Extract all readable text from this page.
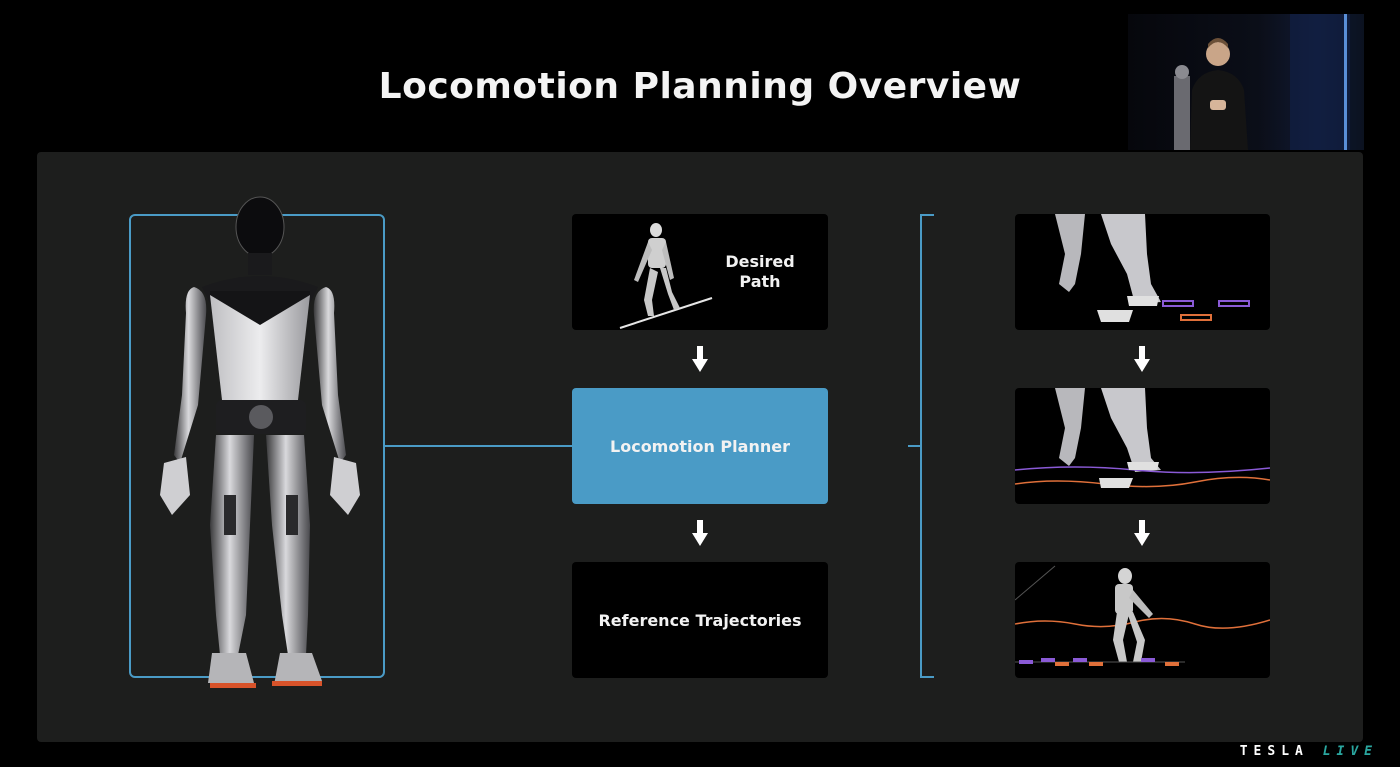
Locomotion Planning Overview
Desired Path
Locomotion Planner
Reference Trajectories
TESLA LIVE
